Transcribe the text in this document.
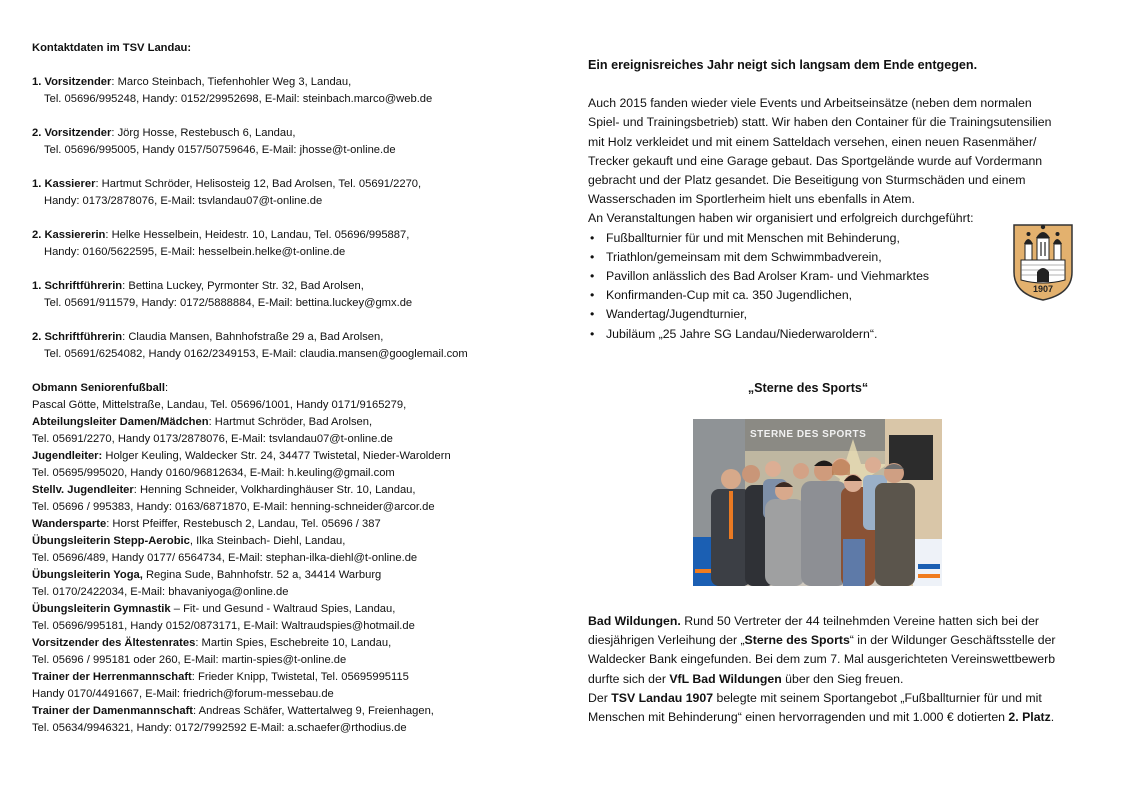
Kontaktdaten im TSV Landau:

1. Vorsitzender: Marco Steinbach, Tiefenhohler Weg 3, Landau,

Tel. 05696/995248, Handy: 0152/29952698, E-Mail: steinbach.marco@web.de

2. Vorsitzender: Jörg Hosse, Restebusch 6, Landau,

Tel. 05696/995005, Handy 0157/50759646, E-Mail: jhosse@t-online.de

1. Kassierer: Hartmut Schröder, Helisosteig 12, Bad Arolsen, Tel. 05691/2270,

Handy: 0173/2878076, E-Mail: tsvlandau07@t-online.de

2. Kassiererin: Helke Hesselbein, Heidestr. 10, Landau, Tel. 05696/995887,

Handy: 0160/5622595, E-Mail: hesselbein.helke@t-online.de

1. Schriftführerin: Bettina Luckey, Pyrmonter Str. 32, Bad Arolsen,

Tel. 05691/911579, Handy: 0172/5888884, E-Mail: bettina.luckey@gmx.de

2. Schriftführerin: Claudia Mansen, Bahnhofstraße 29 a, Bad Arolsen,

Tel. 05691/6254082, Handy 0162/2349153, E-Mail: claudia.mansen@googlemail.com

Obmann Seniorenfußball:

Pascal Götte, Mittelstraße, Landau, Tel. 05696/1001, Handy 0171/9165279,

Abteilungsleiter Damen/Mädchen: Hartmut Schröder, Bad Arolsen,

Tel. 05691/2270, Handy 0173/2878076, E-Mail: tsvlandau07@t-online.de

Jugendleiter: Holger Keuling, Waldecker Str. 24, 34477 Twistetal, Nieder-Waroldern

Tel. 05695/995020, Handy 0160/96812634, E-Mail: h.keuling@gmail.com

Stellv. Jugendleiter: Henning Schneider, Volkhardinghäuser Str. 10, Landau,

Tel. 05696 / 995383, Handy: 0163/6871870, E-Mail: henning-schneider@arcor.de

Wandersparte: Horst Pfeiffer, Restebusch 2, Landau, Tel. 05696 / 387

Übungsleiterin Stepp-Aerobic, Ilka Steinbach- Diehl, Landau,

Tel. 05696/489, Handy 0177/ 6564734, E-Mail: stephan-ilka-diehl@t-online.de

Übungsleiterin Yoga, Regina Sude, Bahnhofstr. 52 a, 34414 Warburg

Tel. 0170/2422034, E-Mail: bhavaniyoga@online.de

Übungsleiterin Gymnastik – Fit- und Gesund - Waltraud Spies, Landau,

Tel. 05696/995181, Handy 0152/0873171, E-Mail: Waltraudspies@hotmail.de

Vorsitzender des Ältestenrates: Martin Spies, Eschebreite 10, Landau,

Tel. 05696 / 995181 oder 260, E-Mail: martin-spies@t-online.de

Trainer der Herrenmannschaft: Frieder Knipp, Twistetal, Tel. 05695995115

Handy 0170/4491667, E-Mail: friedrich@forum-messebau.de

Trainer der Damenmannschaft: Andreas Schäfer, Wattertalweg 9, Freienhagen,

Tel. 05634/9946321, Handy: 0172/7992592 E-Mail: a.schaefer@rthodius.de

Ein ereignisreiches Jahr neigt sich langsam dem Ende entgegen.

Auch 2015 fanden wieder viele Events und Arbeitseinsätze (neben dem normalen

Spiel- und Trainingsbetrieb) statt. Wir haben den Container für die Trainingsutensilien

mit Holz verkleidet und mit einem Satteldach versehen, einen neuen Rasenmäher/

Trecker gekauft und eine Garage gebaut. Das Sportgelände wurde auf Vordermann

gebracht und der Platz gesandet. Die Beseitigung von Sturmschäden und einem

Wasserschaden im Sportlerheim hielt uns ebenfalls in Atem.

An Veranstaltungen haben wir organisiert und erfolgreich durchgeführt:

• Fußballturnier für und mit Menschen mit Behinderung,
• Triathlon/gemeinsam mit dem Schwimmbadverein,
• Pavillon anlässlich des Bad Arolser Kram- und Viehmarktes
• Konfirmanden-Cup mit ca. 350 Jugendlichen,
• Wandertag/Jugendturnier,
• Jubiläum „25 Jahre SG Landau/Niederwaroldern“.
1907
„Sterne des Sports“
STERNE DES SPORTS

Bad Wildungen. Rund 50 Vertreter der 44 teilnehmden Vereine hatten sich bei der

diesjährigen Verleihung der „Sterne des Sports“ in der Wildunger Geschäftsstelle der

Waldecker Bank eingefunden. Bei dem zum 7. Mal ausgerichteten Vereinswettbewerb

durfte sich der VfL Bad Wildungen über den Sieg freuen.

Der TSV Landau 1907 belegte mit seinem Sportangebot „Fußballturnier für und mit

Menschen mit Behinderung“ einen hervorragenden und mit 1.000 € dotierten 2. Platz.
